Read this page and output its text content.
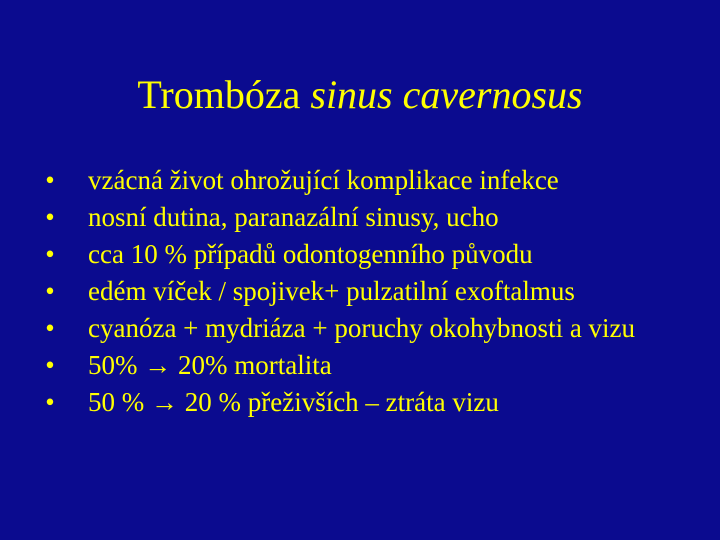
Trombóza sinus cavernosus
• vzácná život ohrožující komplikace infekce
• nosní dutina, paranazální sinusy, ucho
• cca 10 % případů odontogenního původu
• edém víček / spojivek+ pulzatilní exoftalmus
• cyanóza + mydriáza + poruchy okohybnosti a vizu
• 50% → 20% mortalita
• 50 % → 20 % přeživších – ztráta vizu
